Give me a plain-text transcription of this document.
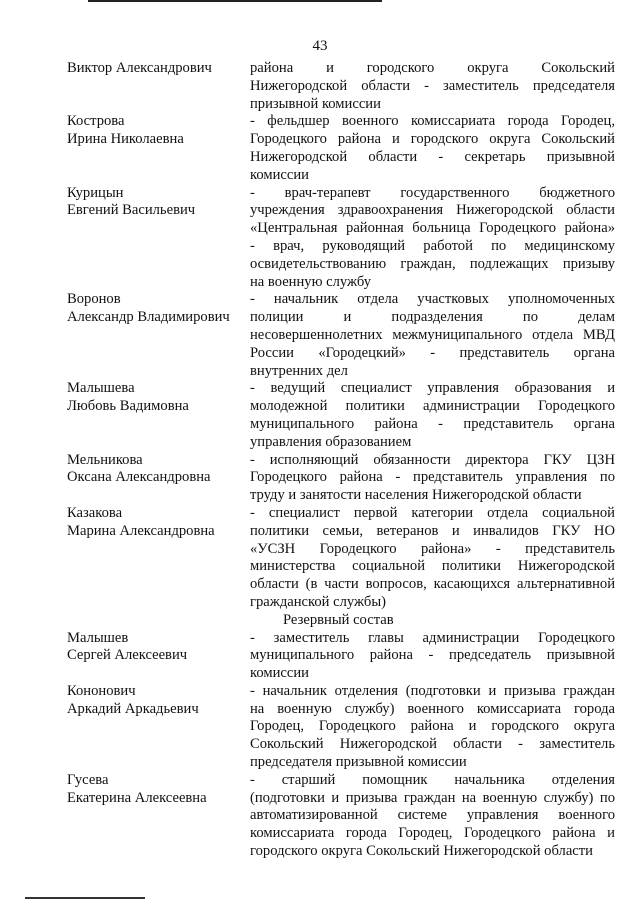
43
Виктор Александрович	района и городского округа Сокольский
Нижегородской области - заместитель председателя
призывной комиссии
Кострова
Ирина Николаевна
- фельдшер военного комиссариата города Городец,
Городецкого района и городского округа Сокольский
Нижегородской области - секретарь призывной
комиссии
Курицын
Евгений Васильевич
- врач-терапевт государственного бюджетного
учреждения здравоохранения Нижегородской области
«Центральная районная больница Городецкого района»
- врач, руководящий работой по медицинскому
освидетельствованию граждан, подлежащих призыву
на военную службу
Воронов
Александр Владимирович
- начальник отдела участковых уполномоченных
полиции и подразделения по делам
несовершеннолетних межмуниципального отдела МВД
России «Городецкий» - представитель органа
внутренних дел
Малышева
Любовь Вадимовна
- ведущий специалист управления образования и
молодежной политики администрации Городецкого
муниципального района - представитель органа
управления образованием
Мельникова
Оксана Александровна
- исполняющий обязанности директора ГКУ ЦЗН
Городецкого района - представитель управления по
труду и занятости населения Нижегородской области
Казакова
Марина Александровна
- специалист первой категории отдела социальной
политики семьи, ветеранов и инвалидов ГКУ НО
«УСЗН Городецкого района» - представитель
министерства социальной политики Нижегородской
области (в части вопросов, касающихся альтернативной
гражданской службы)
Резервный состав
Малышев
Сергей Алексеевич
- заместитель главы администрации Городецкого
муниципального района - председатель призывной
комиссии
Кононович
Аркадий Аркадьевич
- начальник отделения (подготовки и призыва граждан
на военную службу) военного комиссариата города
Городец, Городецкого района и городского округа
Сокольский Нижегородской области - заместитель
председателя призывной комиссии
Гусева
Екатерина Алексеевна
- старший помощник начальника отделения
(подготовки и призыва граждан на военную службу) по
автоматизированной системе управления военного
комиссариата города Городец, Городецкого района и
городского округа Сокольский Нижегородской области
